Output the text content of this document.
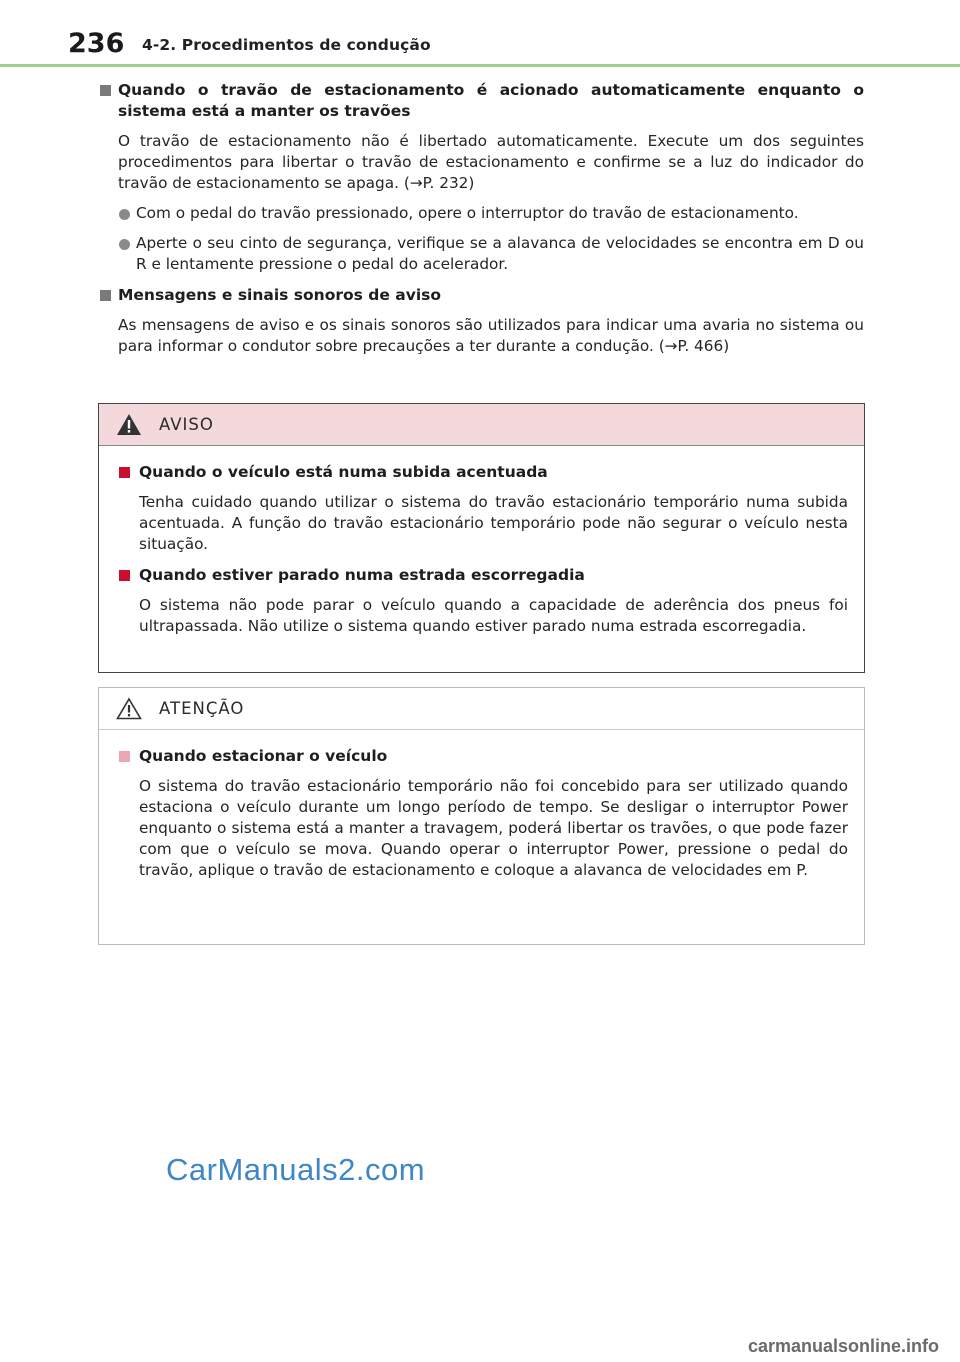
236 4-2. Procedimentos de condução
Quando o travão de estacionamento é acionado automaticamente enquanto o sistema está a manter os travões
O travão de estacionamento não é libertado automaticamente. Execute um dos seguintes procedimentos para libertar o travão de estacionamento e confirme se a luz do indicador do travão de estacionamento se apaga. (→P. 232)
Com o pedal do travão pressionado, opere o interruptor do travão de estacionamento.
Aperte o seu cinto de segurança, verifique se a alavanca de velocidades se encontra em D ou R e lentamente pressione o pedal do acelerador.
Mensagens e sinais sonoros de aviso
As mensagens de aviso e os sinais sonoros são utilizados para indicar uma avaria no sistema ou para informar o condutor sobre precauções a ter durante a condução. (→P. 466)
AVISO
Quando o veículo está numa subida acentuada
Tenha cuidado quando utilizar o sistema do travão estacionário temporário numa subida acentuada. A função do travão estacionário temporário pode não segurar o veículo nesta situação.
Quando estiver parado numa estrada escorregadia
O sistema não pode parar o veículo quando a capacidade de aderência dos pneus foi ultrapassada. Não utilize o sistema quando estiver parado numa estrada escorregadia.
ATENÇÃO
Quando estacionar o veículo
O sistema do travão estacionário temporário não foi concebido para ser utilizado quando estaciona o veículo durante um longo período de tempo. Se desligar o interruptor Power enquanto o sistema está a manter a travagem, poderá libertar os travões, o que pode fazer com que o veículo se mova. Quando operar o interruptor Power, pressione o pedal do travão, aplique o travão de estacionamento e coloque a alavanca de velocidades em P.
CarManuals2.com
carmanualsonline.info
